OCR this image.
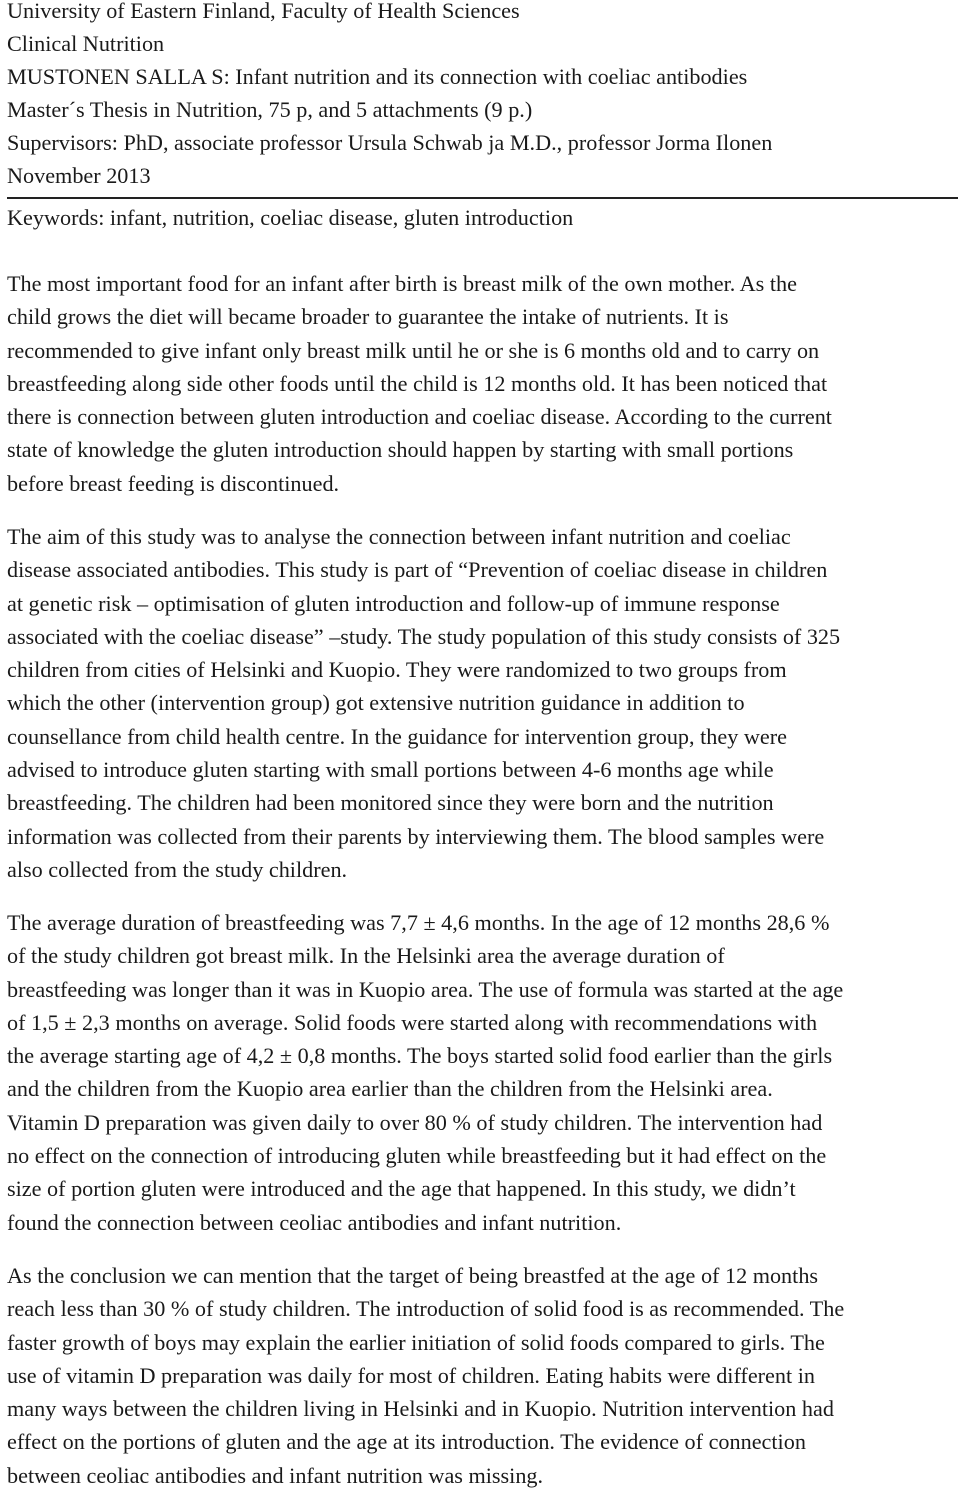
University of Eastern Finland, Faculty of Health Sciences
Clinical Nutrition
MUSTONEN SALLA S: Infant nutrition and its connection with coeliac antibodies
Master´s Thesis in Nutrition, 75 p, and 5 attachments (9 p.)
Supervisors: PhD, associate professor Ursula Schwab ja M.D., professor Jorma Ilonen
November 2013
Keywords: infant, nutrition, coeliac disease, gluten introduction
The most important food for an infant after birth is breast milk of the own mother. As the
child grows the diet will became broader to guarantee the intake of nutrients. It is
recommended to give infant only breast milk until he or she is 6 months old and to carry on
breastfeeding along side other foods until the child is 12 months old. It has been noticed that
there is connection between gluten introduction and coeliac disease. According to the current
state of knowledge the gluten introduction should happen by starting with small portions
before breast feeding is discontinued.
The aim of this study was to analyse the connection between infant nutrition and coeliac
disease associated antibodies. This study is part of “Prevention of coeliac disease in children
at genetic risk – optimisation of gluten introduction and follow-up of immune response
associated with the coeliac disease” –study. The study population of this study consists of 325
children from cities of Helsinki and Kuopio. They were randomized to two groups from
which the other (intervention group) got extensive nutrition guidance in addition to
counsellance from child health centre. In the guidance for intervention group, they were
advised to introduce gluten starting with small portions between 4-6 months age while
breastfeeding. The children had been monitored since they were born and the nutrition
information was collected from their parents by interviewing them. The blood samples were
also collected from the study children.
The average duration of breastfeeding was 7,7 ± 4,6 months. In the age of 12 months 28,6 %
of the study children got breast milk. In the Helsinki area the average duration of
breastfeeding was longer than it was in Kuopio area. The use of formula was started at the age
of 1,5 ± 2,3 months on average. Solid foods were started along with recommendations with
the average starting age of 4,2 ± 0,8 months. The boys started solid food earlier than the girls
and the children from the Kuopio area earlier than the children from the Helsinki area.
Vitamin D preparation was given daily to over 80 % of study children. The intervention had
no effect on the connection of introducing gluten while breastfeeding but it had effect on the
size of portion gluten were introduced and the age that happened. In this study, we didn’t
found the connection between ceoliac antibodies and infant nutrition.
As the conclusion we can mention that the target of being breastfed at the age of 12 months
reach less than 30 % of study children. The introduction of solid food is as recommended. The
faster growth of boys may explain the earlier initiation of solid foods compared to girls. The
use of vitamin D preparation was daily for most of children. Eating habits were different in
many ways between the children living in Helsinki and in Kuopio. Nutrition intervention had
effect on the portions of gluten and the age at its introduction. The evidence of connection
between ceoliac antibodies and infant nutrition was missing.
